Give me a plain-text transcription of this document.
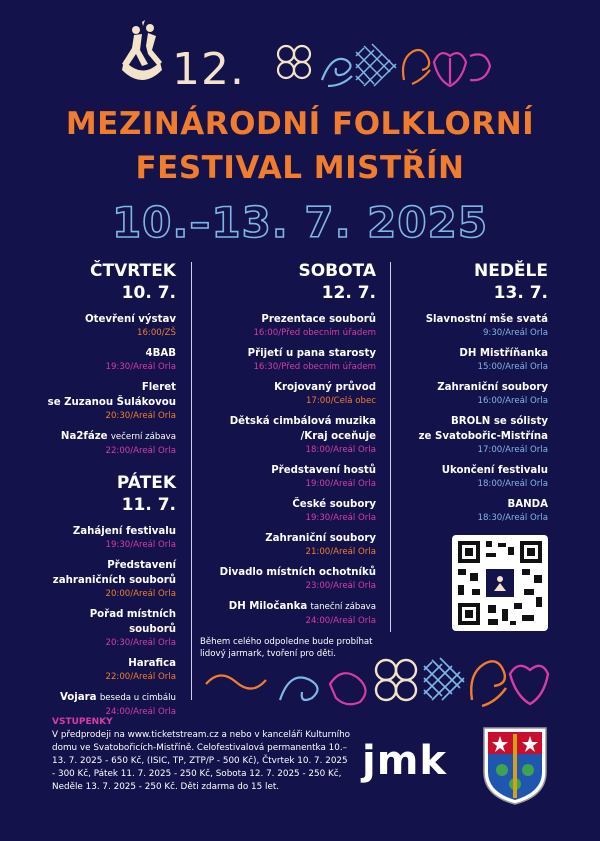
12.
MEZINÁRODNÍ FOLKLORNÍ
FESTIVAL MISTŘÍN
10.–13. 7. 2025
ČTVRTEK
10. 7.
Otevření výstav
16:00/ZŠ
4BAB
19:30/Areál Orla
Fleret
se Zuzanou Šulákovou
20:30/Areál Orla
Na2fáze večerní zábava
22:00/Areál Orla
PÁTEK
11. 7.
Zahájení festivalu
19:30/Areál Orla
Představení
zahraničních souborů
20:00/Areál Orla
Pořad místních souborů
20:30/Areál Orla
Harafica
22:00/Areál Orla
Vojara beseda u cimbálu
24:00/Areál Orla
SOBOTA
12. 7.
Prezentace souborů
16:00/Před obecním úřadem
Přijetí u pana starosty
16:30/Před obecním úřadem
Krojovaný průvod
17:00/Celá obec
Dětská cimbálová muzika
/Kraj oceňuje
18:00/Areál Orla
Představení hostů
19:00/Areál Orla
České soubory
19:30/Areál Orla
Zahraniční soubory
21:00/Areál Orla
Divadlo místních ochotníků
23:00/Areál Orla
DH Miločanka taneční zábava
24:00/Areál Orla
Během celého odpoledne bude probíhat lidový jarmark, tvoření pro děti.
NEDĚLE
13. 7.
Slavnostní mše svatá
9:30/Areál Orla
DH Mistříňanka
15:00/Areál Orla
Zahraniční soubory
16:00/Areál Orla
BROLN se sólisty
ze Svatobořic-Mistřína
17:00/Areál Orla
Ukončení festivalu
18:00/Areál Orla
BANDA
18:30/Areál Orla
VSTUPENKY
V předprodeji na www.ticketstream.cz a nebo v kanceláři Kulturního domu ve Svatobořicích-Mistříně. Celofestivalová permanentka 10.–13. 7. 2025 - 650 Kč, (ISIC, TP, ZTP/P - 500 Kč), Čtvrtek 10. 7. 2025 - 300 Kč, Pátek 11. 7. 2025 - 250 Kč, Sobota 12. 7. 2025 - 250 Kč, Neděle 13. 7. 2025 - 250 Kč. Děti zdarma do 15 let.
jmk
